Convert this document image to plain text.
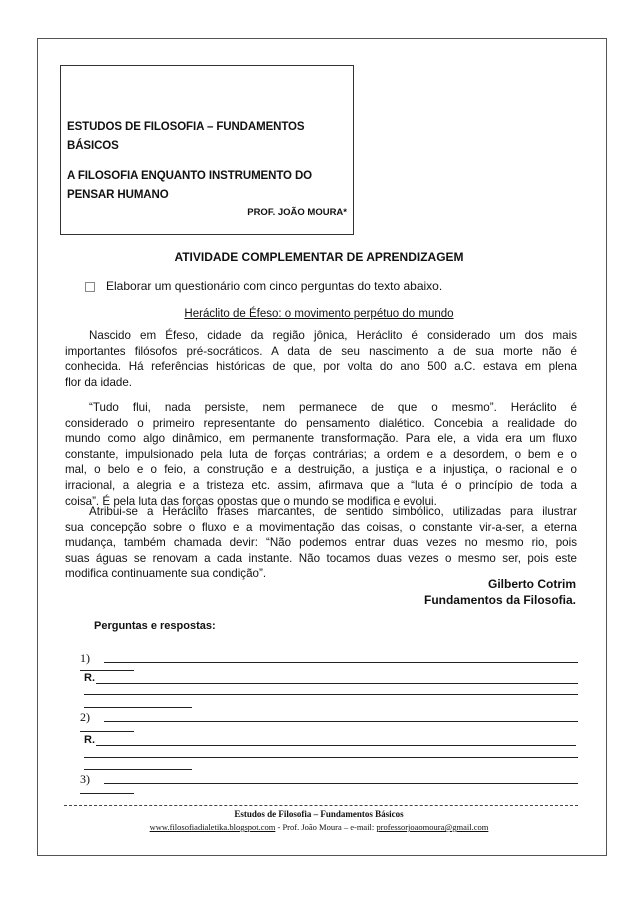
ESTUDOS DE FILOSOFIA – FUNDAMENTOS
BÁSICOS
A FILOSOFIA ENQUANTO INSTRUMENTO DO
PENSAR HUMANO
PROF. JOÃO MOURA*
ATIVIDADE COMPLEMENTAR DE APRENDIZAGEM
Elaborar um questionário com cinco perguntas do texto abaixo.
Heráclito de Éfeso: o movimento perpétuo do mundo
Nascido em Éfeso, cidade da região jônica, Heráclito é considerado um dos mais
importantes filósofos pré-socráticos. A data de seu nascimento a de sua morte não é
conhecida. Há referências históricas de que, por volta do ano 500 a.C. estava em plena
flor da idade.
“Tudo flui, nada persiste, nem permanece de que o mesmo”. Heráclito é
considerado o primeiro representante do pensamento dialético. Concebia a realidade do
mundo como algo dinâmico, em permanente transformação. Para ele, a vida era um fluxo
constante, impulsionado pela luta de forças contrárias; a ordem e a desordem, o bem e o
mal, o belo e o feio, a construção e a destruição, a justiça e a injustiça, o racional e o
irracional, a alegria e a tristeza etc. assim, afirmava que a “luta é o princípio de toda a
coisa”. É pela luta das forças opostas que o mundo se modifica e evolui.
Atribui-se a Heráclito frases marcantes, de sentido simbólico, utilizadas para ilustrar
sua concepção sobre o fluxo e a movimentação das coisas, o constante vir-a-ser, a eterna
mudança, também chamada devir: “Não podemos entrar duas vezes no mesmo rio, pois
suas águas se renovam a cada instante. Não tocamos duas vezes o mesmo ser, pois este
modifica continuamente sua condição”.
Gilberto Cotrim
Fundamentos da Filosofia.
Perguntas e respostas:
1)
R.
2)
R.
3)
Estudos de Filosofia – Fundamentos Básicos
www.filosofiadialetika.blogspot.com - Prof. João Moura – e-mail: professorjoaomoura@gmail.com
